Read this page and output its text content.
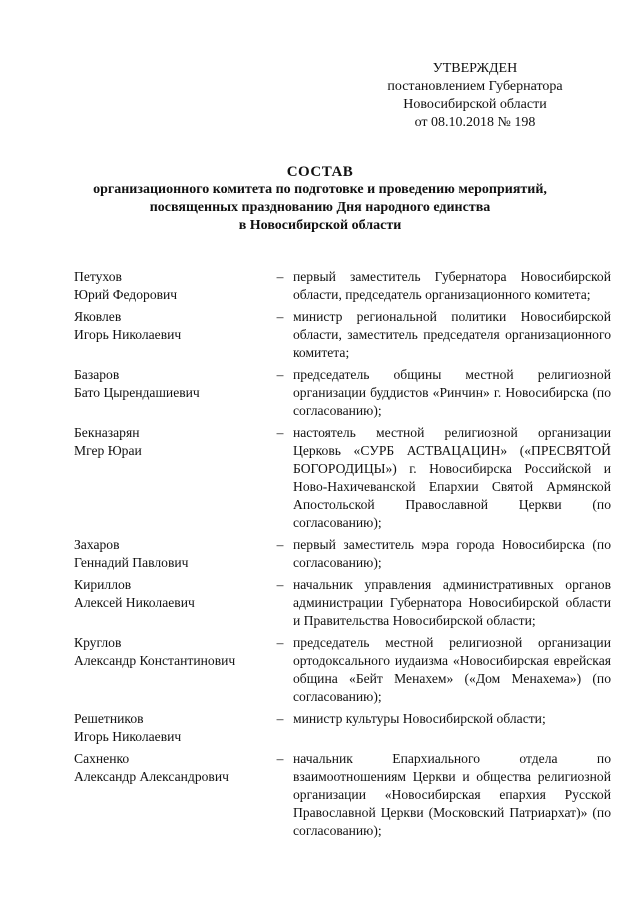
УТВЕРЖДЕН
постановлением Губернатора
Новосибирской области
от 08.10.2018 № 198
СОСТАВ
организационного комитета по подготовке и проведению мероприятий,
посвященных празднованию Дня народного единства
в Новосибирской области
Петухов
Юрий Федорович
– первый заместитель Губернатора Новосибирской области, председатель организационного комитета;
Яковлев
Игорь Николаевич
– министр региональной политики Новосибирской области, заместитель председателя организационного комитета;
Базаров
Бато Цырендашиевич
– председатель общины местной религиозной организации буддистов «Ринчин» г. Новосибирска (по согласованию);
Бекназарян
Мгер Юраи
– настоятель местной религиозной организации Церковь «СУРБ АСТВАЦАЦИН» («ПРЕСВЯТОЙ БОГОРОДИЦЫ») г. Новосибирска Российской и Ново-Нахичеванской Епархии Святой Армянской Апостольской Православной Церкви (по согласованию);
Захаров
Геннадий Павлович
– первый заместитель мэра города Новосибирска (по согласованию);
Кириллов
Алексей Николаевич
– начальник управления административных органов администрации Губернатора Новосибирской области и Правительства Новосибирской области;
Круглов
Александр Константинович
– председатель местной религиозной организации ортодоксального иудаизма «Новосибирская еврейская община «Бейт Менахем» («Дом Менахема») (по согласованию);
Решетников
Игорь Николаевич
– министр культуры Новосибирской области;
Сахненко
Александр Александрович
– начальник Епархиального отдела по взаимоотношениям Церкви и общества религиозной организации «Новосибирская епархия Русской Православной Церкви (Московский Патриархат)» (по согласованию);
